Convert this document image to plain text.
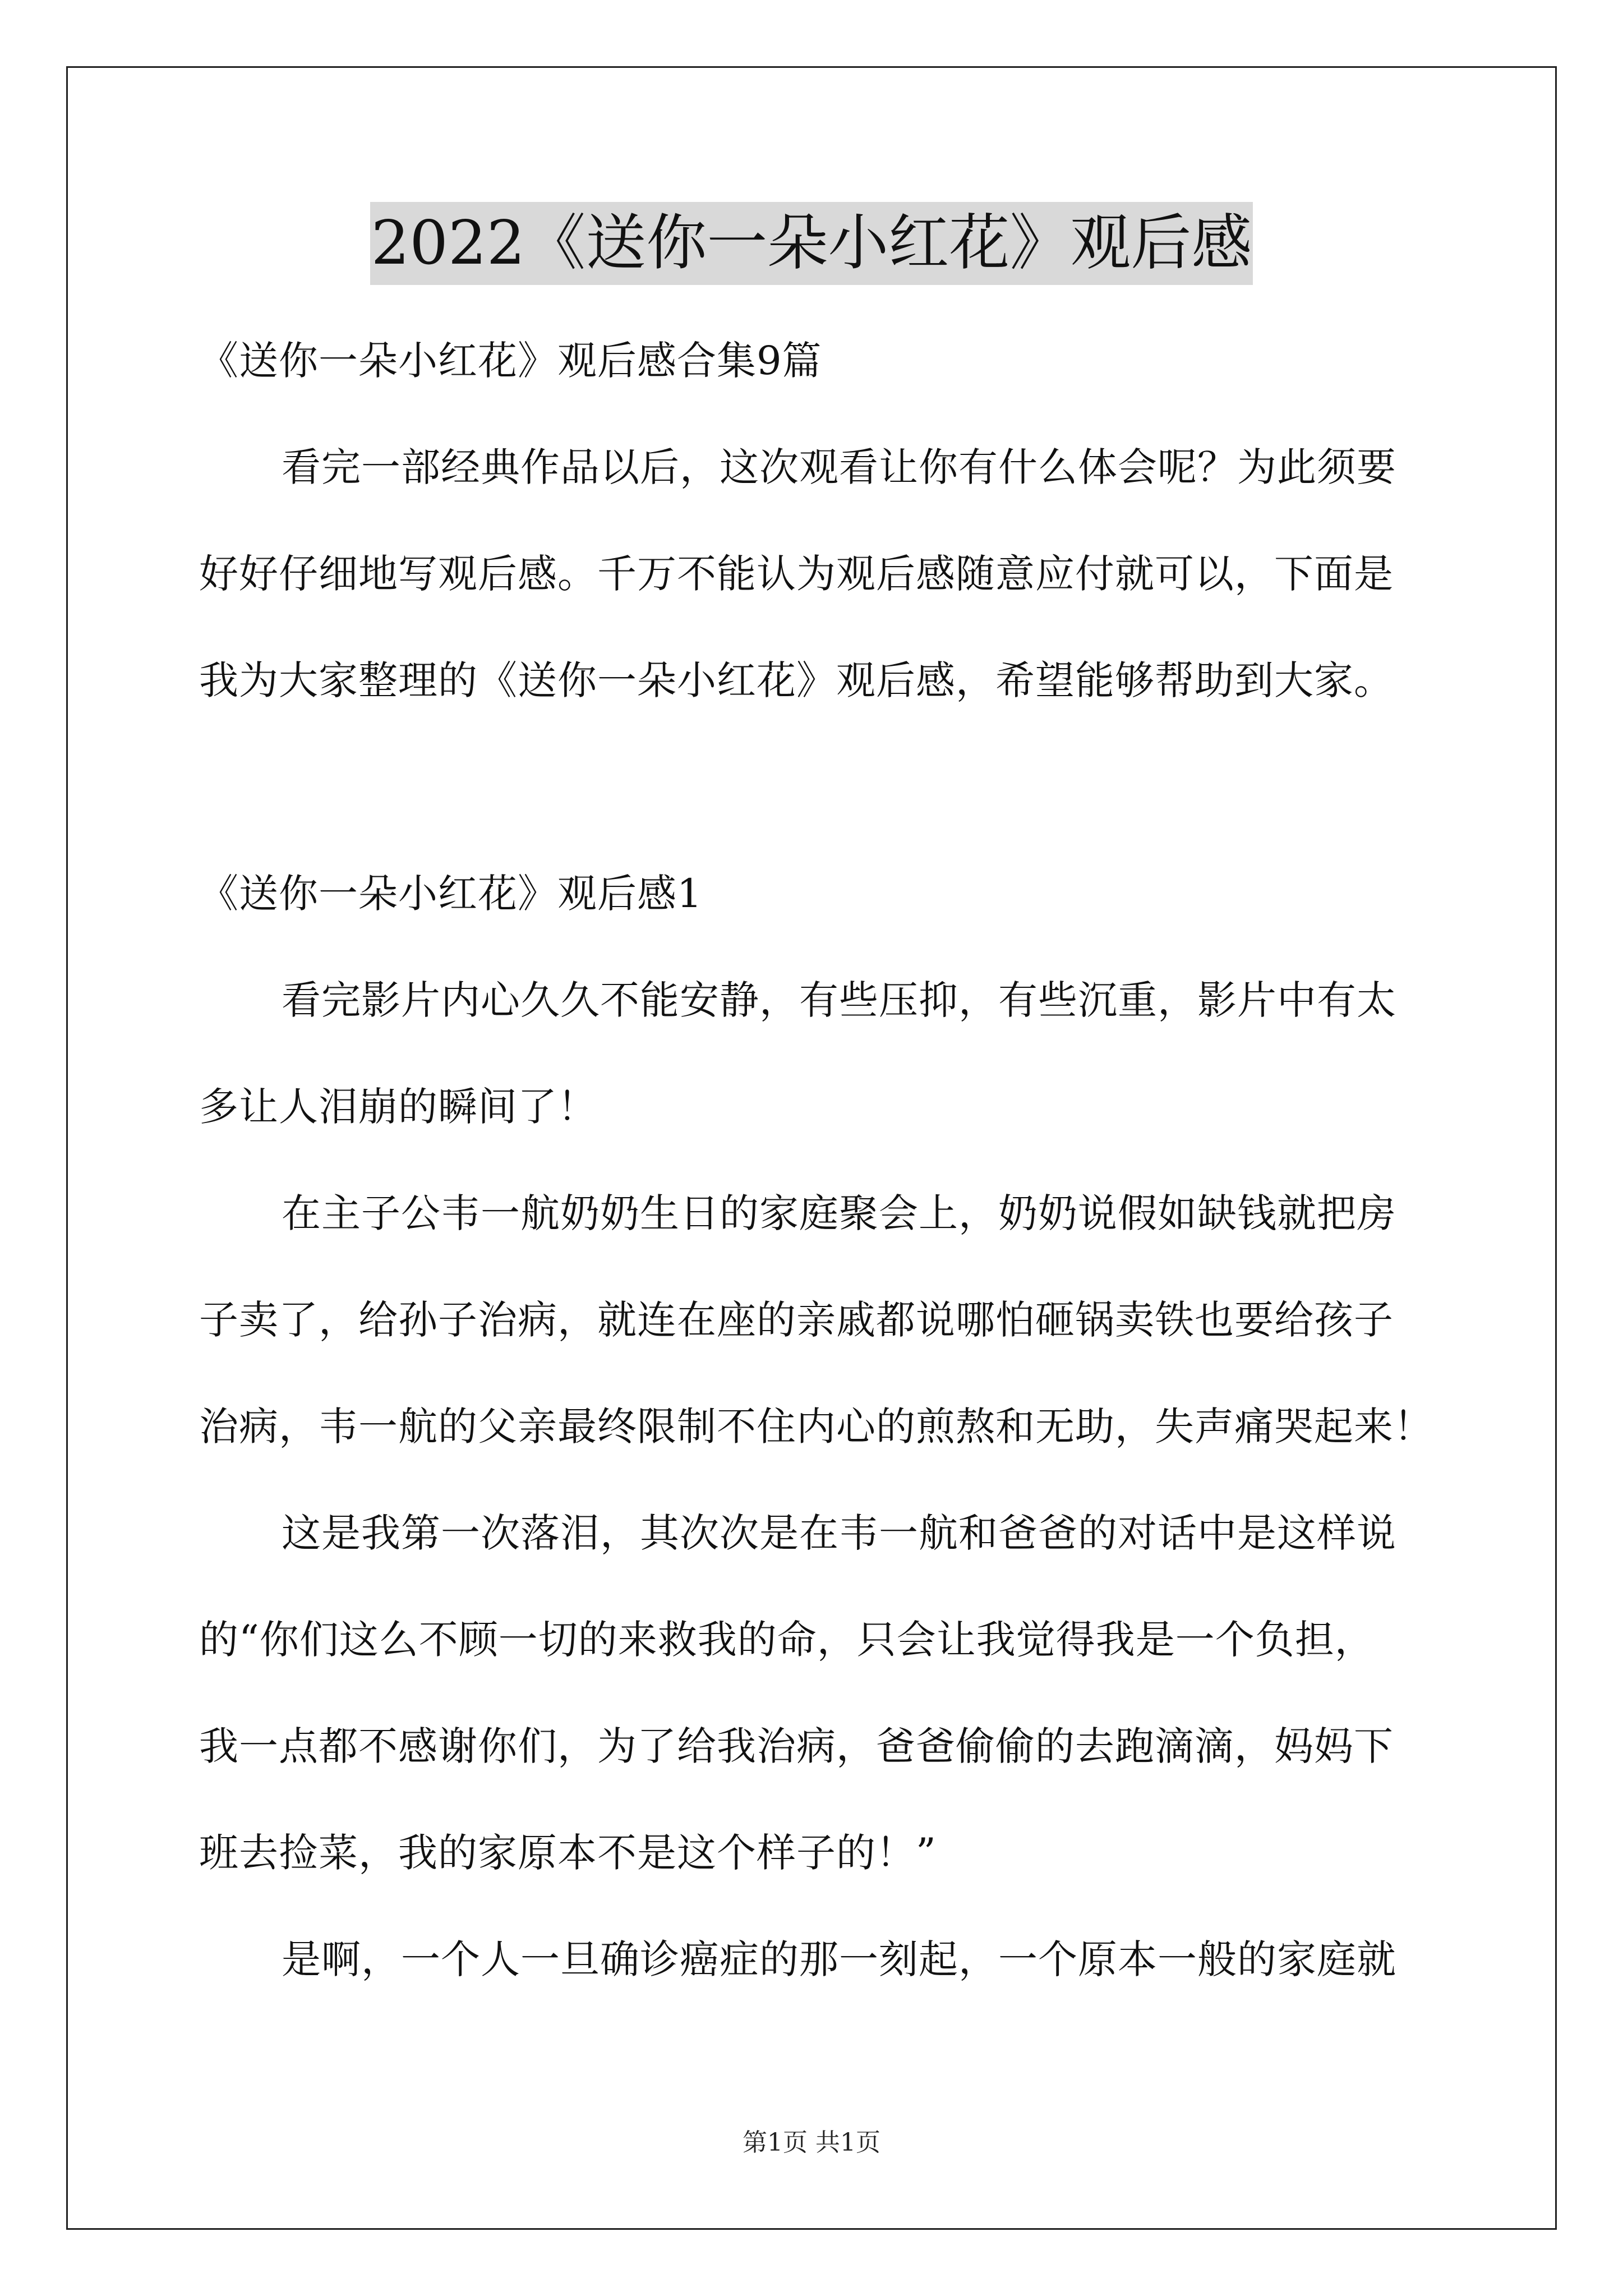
2022《送你一朵小红花》观后感
《送你一朵小红花》观后感合集9篇
看完一部经典作品以后，这次观看让你有什么体会呢？为此须要
好好仔细地写观后感。千万不能认为观后感随意应付就可以，下面是
我为大家整理的《送你一朵小红花》观后感，希望能够帮助到大家。
《送你一朵小红花》观后感1
看完影片内心久久不能安静，有些压抑，有些沉重，影片中有太
多让人泪崩的瞬间了！
在主子公韦一航奶奶生日的家庭聚会上，奶奶说假如缺钱就把房
子卖了，给孙子治病，就连在座的亲戚都说哪怕砸锅卖铁也要给孩子
治病，韦一航的父亲最终限制不住内心的煎熬和无助，失声痛哭起来！
这是我第一次落泪，其次次是在韦一航和爸爸的对话中是这样说
的“你们这么不顾一切的来救我的命，只会让我觉得我是一个负担，
我一点都不感谢你们，为了给我治病，爸爸偷偷的去跑滴滴，妈妈下
班去捡菜，我的家原本不是这个样子的！”
是啊，一个人一旦确诊癌症的那一刻起，一个原本一般的家庭就
第1页 共1页
